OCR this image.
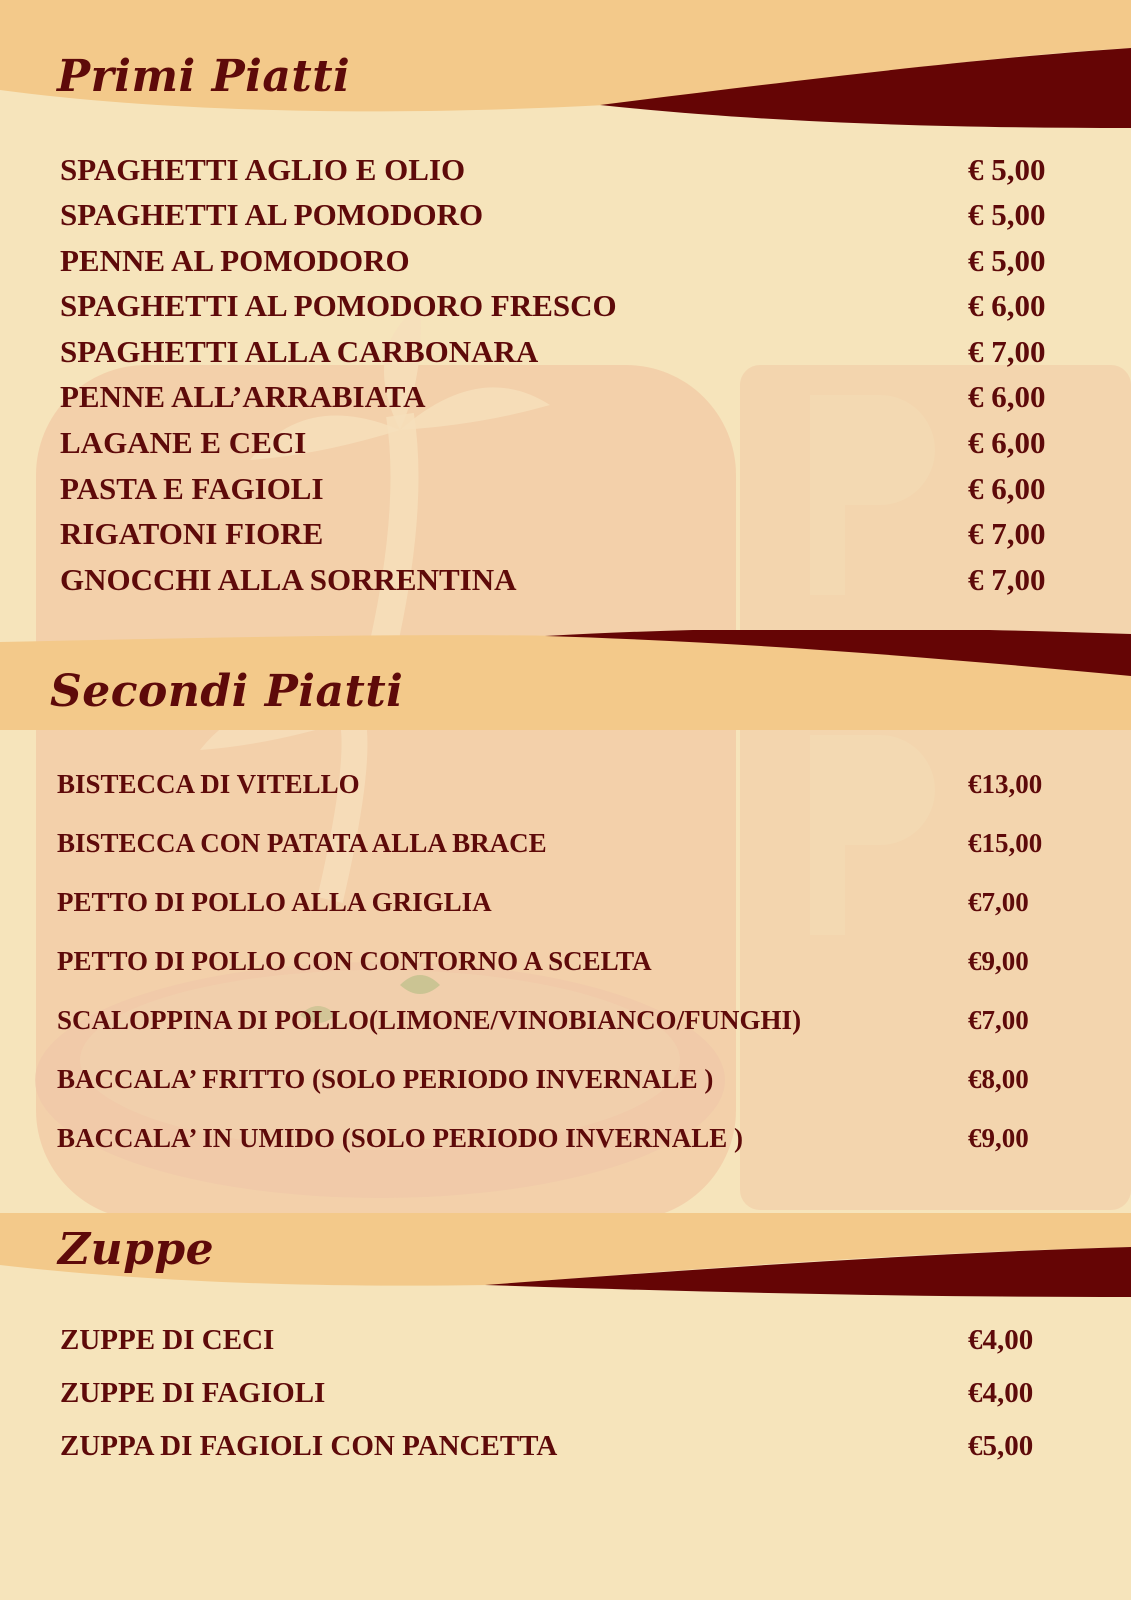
Primi Piatti
SPAGHETTI AGLIO E OLIO	€ 5,00
SPAGHETTI AL POMODORO	€ 5,00
PENNE AL POMODORO	€ 5,00
SPAGHETTI AL POMODORO FRESCO	€ 6,00
SPAGHETTI ALLA CARBONARA	€ 7,00
PENNE ALL’ARRABIATA	€ 6,00
LAGANE E CECI	€ 6,00
PASTA E FAGIOLI	€ 6,00
RIGATONI FIORE	€ 7,00
GNOCCHI ALLA SORRENTINA	€ 7,00
Secondi Piatti
BISTECCA DI VITELLO	€13,00
BISTECCA CON PATATA ALLA BRACE	€15,00
PETTO DI POLLO ALLA GRIGLIA	€7,00
PETTO DI POLLO CON CONTORNO A SCELTA	€9,00
SCALOPPINA DI POLLO(LIMONE/VINOBIANCO/FUNGHI)	€7,00
BACCALA’ FRITTO (SOLO PERIODO INVERNALE )	€8,00
BACCALA’ IN UMIDO (SOLO PERIODO INVERNALE )	€9,00
Zuppe
ZUPPE DI CECI	€4,00
ZUPPE DI FAGIOLI	€4,00
ZUPPA DI FAGIOLI CON PANCETTA	€5,00
